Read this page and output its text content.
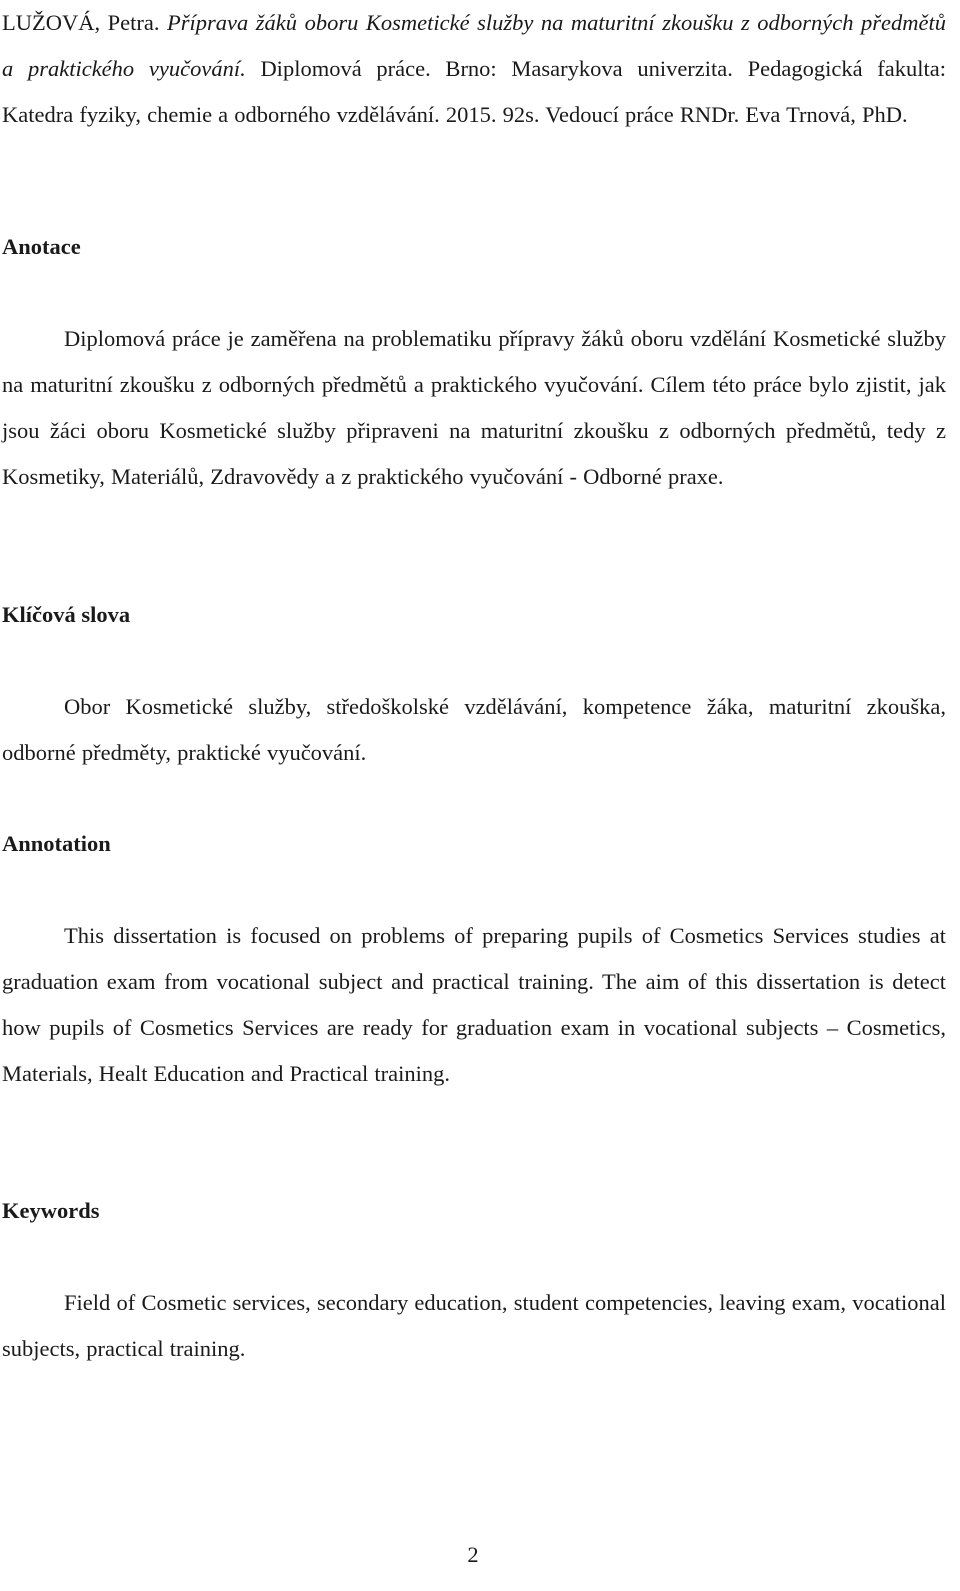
LUŽOVÁ, Petra. Příprava žáků oboru Kosmetické služby na maturitní zkoušku z odborných předmětů a praktického vyučování. Diplomová práce. Brno: Masarykova univerzita. Pedagogická fakulta: Katedra fyziky, chemie a odborného vzdělávání. 2015. 92s. Vedoucí práce RNDr. Eva Trnová, PhD.

Anotace

Diplomová práce je zaměřena na problematiku přípravy žáků oboru vzdělání Kosmetické služby na maturitní zkoušku z odborných předmětů a praktického vyučování. Cílem této práce bylo zjistit, jak jsou žáci oboru Kosmetické služby připraveni na maturitní zkoušku z odborných předmětů, tedy z Kosmetiky, Materiálů, Zdravovědy a z praktického vyučování - Odborné praxe.

Klíčová slova

Obor Kosmetické služby, středoškolské vzdělávání, kompetence žáka, maturitní zkouška, odborné předměty, praktické vyučování.

Annotation

This dissertation is focused on problems of preparing pupils of Cosmetics Services studies at graduation exam from vocational subject and practical training. The aim of this dissertation is detect how pupils of Cosmetics Services are ready for graduation exam in vocational subjects – Cosmetics, Materials, Healt Education and Practical training.

Keywords

Field of Cosmetic services, secondary education, student competencies, leaving exam, vocational subjects, practical training.

2
